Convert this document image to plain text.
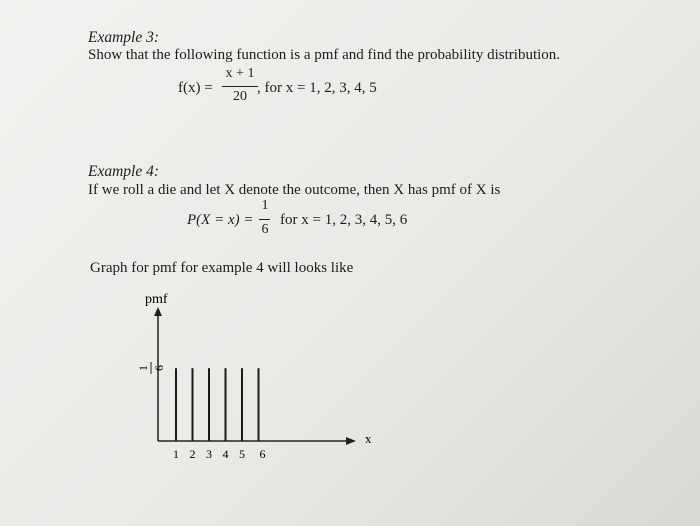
Example 3:
Show that the following function is a pmf and find the probability distribution.
f(x) =
x + 1
20
, for x = 1, 2, 3, 4, 5
Example 4:
If we roll a die and let X denote the outcome, then X has pmf of X is
P(X = x) =
1
6
for x = 1, 2, 3, 4, 5, 6
Graph for pmf for example 4 will looks like
pmf
x
1 6
1 2 3 4 5 6
